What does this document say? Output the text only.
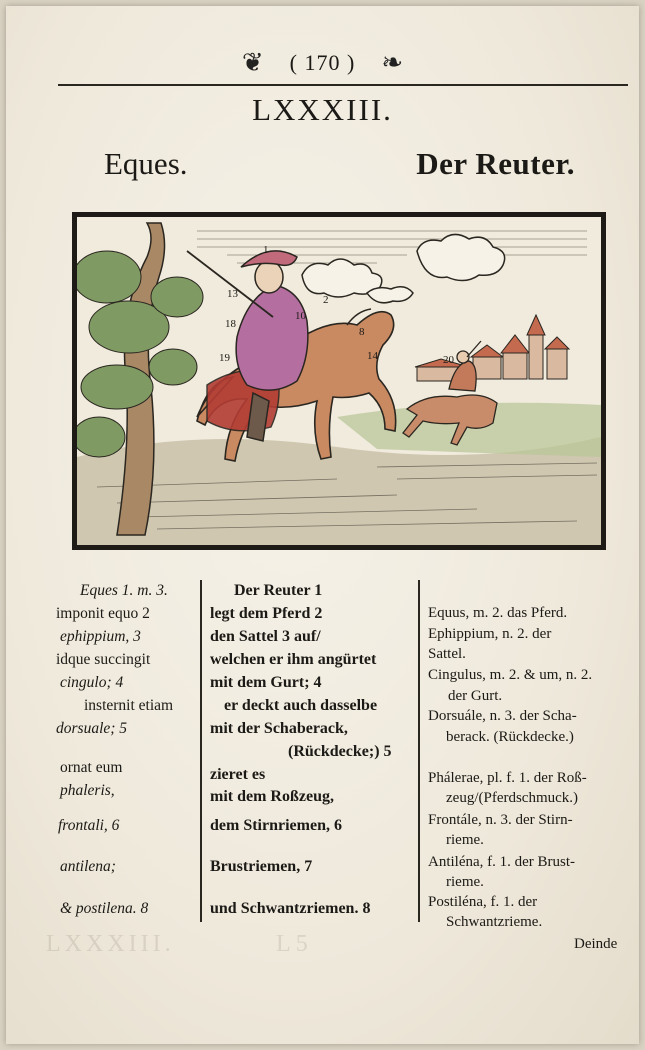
❦ ( 170 ) ❧
LXXXIII.
Eques.	Der Reuter.
1
2
13
18
19
10
8
14	20
Eques 1. m. 3.
imponit equo 2
ephippium, 3
idque succingit
cingulo; 4
insternit etiam
dorsuale; 5
ornat eum
phaleris,
frontali, 6
antilena;
& postilena. 8
Der Reuter 1
legt dem Pferd 2
den Sattel 3 auf/
welchen er ihm angürtet
mit dem Gurt; 4
er deckt auch dasselbe
mit der Schaberack,
(Rückdecke;) 5
zieret es
mit dem Roßzeug,
dem Stirnriemen, 6
Brustriemen, 7
und Schwantzriemen. 8
Equus, m. 2. das Pferd.
Ephippium, n. 2. der
Sattel.
Cingulus, m. 2. & um, n. 2.
der Gurt.
Dorsuále, n. 3. der Scha-
berack. (Rückdecke.)
Phálerae, pl. f. 1. der Roß-
zeug/(Pferdschmuck.)
Frontále, n. 3. der Stirn-
rieme.
Antiléna, f. 1. der Brust-
rieme.
Postiléna, f. 1. der
Schwantzrieme.
LXXXIII.	L 5	Deinde
